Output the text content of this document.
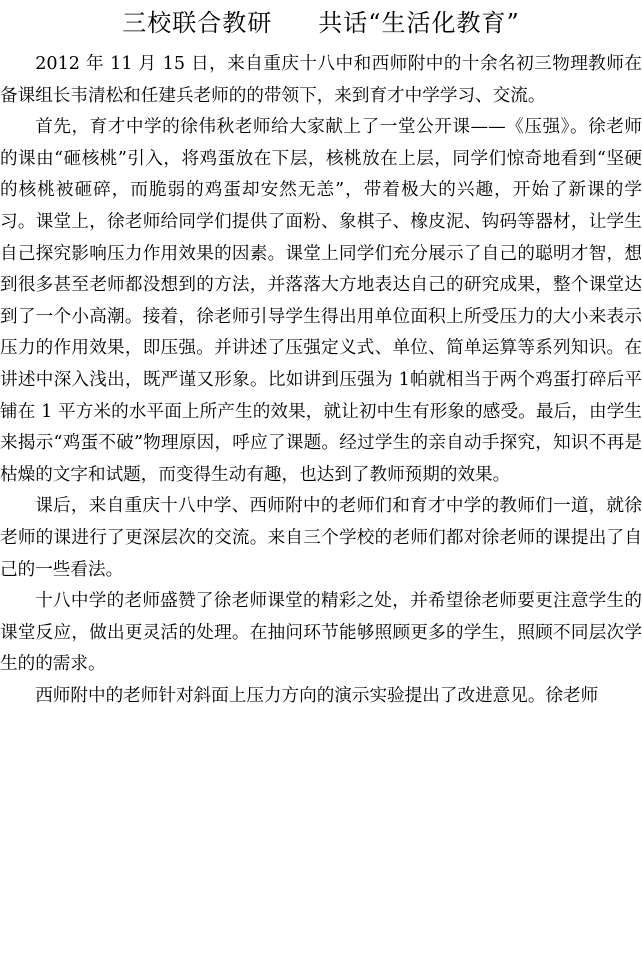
三校联合教研 共话“生活化教育”

2012 年 11 月 15 日，来自重庆十八中和西师附中的十余名初三物理教师在备课组长韦清松和任建兵老师的的带领下，来到育才中学学习、交流。

首先，育才中学的徐伟秋老师给大家献上了一堂公开课——《压强》。徐老师的课由“砸核桃”引入，将鸡蛋放在下层，核桃放在上层，同学们惊奇地看到“坚硬的核桃被砸碎，而脆弱的鸡蛋却安然无恙”，带着极大的兴趣，开始了新课的学习。课堂上，徐老师给同学们提供了面粉、象棋子、橡皮泥、钩码等器材，让学生自己探究影响压力作用效果的因素。课堂上同学们充分展示了自己的聪明才智，想到很多甚至老师都没想到的方法，并落落大方地表达自己的研究成果，整个课堂达到了一个小高潮。接着，徐老师引导学生得出用单位面积上所受压力的大小来表示压力的作用效果，即压强。并讲述了压强定义式、单位、简单运算等系列知识。在讲述中深入浅出，既严谨又形象。比如讲到压强为 1帕就相当于两个鸡蛋打碎后平铺在 1 平方米的水平面上所产生的效果，就让初中生有形象的感受。最后，由学生来揭示“鸡蛋不破”物理原因，呼应了课题。经过学生的亲自动手探究，知识不再是枯燥的文字和试题，而变得生动有趣，也达到了教师预期的效果。

课后，来自重庆十八中学、西师附中的老师们和育才中学的教师们一道，就徐老师的课进行了更深层次的交流。来自三个学校的老师们都对徐老师的课提出了自己的一些看法。

十八中学的老师盛赞了徐老师课堂的精彩之处，并希望徐老师要更注意学生的课堂反应，做出更灵活的处理。在抽问环节能够照顾更多的学生，照顾不同层次学生的的需求。

西师附中的老师针对斜面上压力方向的演示实验提出了改进意见。徐老师
